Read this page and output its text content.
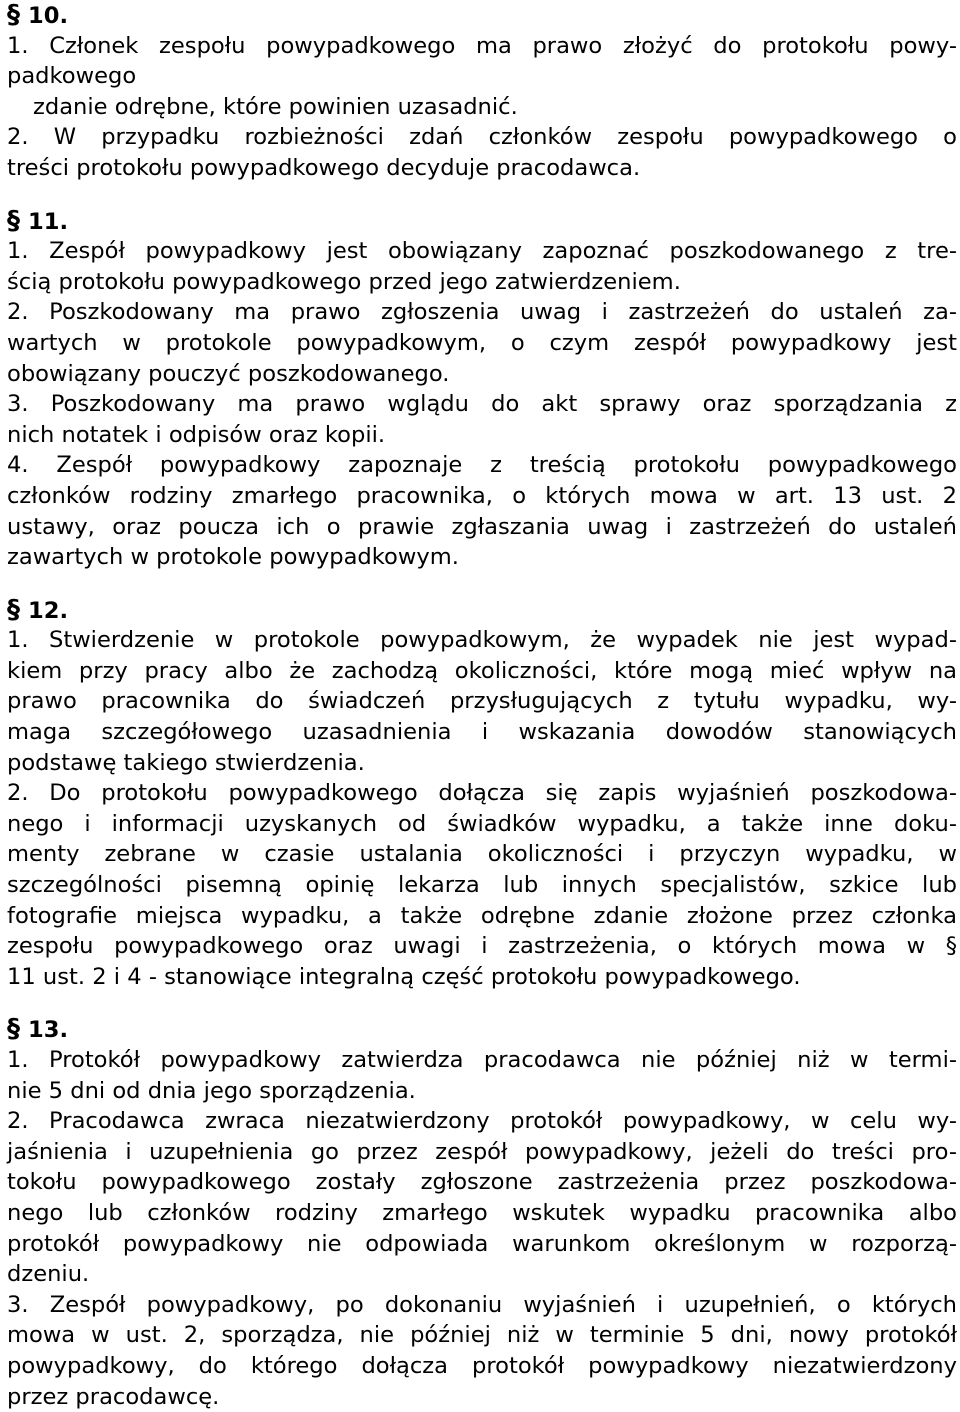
§ 10.
1. Członek zespołu powypadkowego ma prawo złożyć do protokołu powy-
padkowego
zdanie odrębne, które powinien uzasadnić.
2. W przypadku rozbieżności zdań członków zespołu powypadkowego o
treści protokołu powypadkowego decyduje pracodawca.
§ 11.
1. Zespół powypadkowy jest obowiązany zapoznać poszkodowanego z tre-
ścią protokołu powypadkowego przed jego zatwierdzeniem.
2. Poszkodowany ma prawo zgłoszenia uwag i zastrzeżeń do ustaleń za-
wartych w protokole powypadkowym, o czym zespół powypadkowy jest
obowiązany pouczyć poszkodowanego.
3. Poszkodowany ma prawo wglądu do akt sprawy oraz sporządzania z
nich notatek i odpisów oraz kopii.
4. Zespół powypadkowy zapoznaje z treścią protokołu powypadkowego
członków rodziny zmarłego pracownika, o których mowa w art. 13 ust. 2
ustawy, oraz poucza ich o prawie zgłaszania uwag i zastrzeżeń do ustaleń
zawartych w protokole powypadkowym.
§ 12.
1. Stwierdzenie w protokole powypadkowym, że wypadek nie jest wypad-
kiem przy pracy albo że zachodzą okoliczności, które mogą mieć wpływ na
prawo pracownika do świadczeń przysługujących z tytułu wypadku, wy-
maga szczegółowego uzasadnienia i wskazania dowodów stanowiących
podstawę takiego stwierdzenia.
2. Do protokołu powypadkowego dołącza się zapis wyjaśnień poszkodowa-
nego i informacji uzyskanych od świadków wypadku, a także inne doku-
menty zebrane w czasie ustalania okoliczności i przyczyn wypadku, w
szczególności pisemną opinię lekarza lub innych specjalistów, szkice lub
fotografie miejsca wypadku, a także odrębne zdanie złożone przez członka
zespołu powypadkowego oraz uwagi i zastrzeżenia, o których mowa w §
11 ust. 2 i 4 - stanowiące integralną część protokołu powypadkowego.
§ 13.
1. Protokół powypadkowy zatwierdza pracodawca nie później niż w termi-
nie 5 dni od dnia jego sporządzenia.
2. Pracodawca zwraca niezatwierdzony protokół powypadkowy, w celu wy-
jaśnienia i uzupełnienia go przez zespół powypadkowy, jeżeli do treści pro-
tokołu powypadkowego zostały zgłoszone zastrzeżenia przez poszkodowa-
nego lub członków rodziny zmarłego wskutek wypadku pracownika albo
protokół powypadkowy nie odpowiada warunkom określonym w rozporzą-
dzeniu.
3. Zespół powypadkowy, po dokonaniu wyjaśnień i uzupełnień, o których
mowa w ust. 2, sporządza, nie później niż w terminie 5 dni, nowy protokół
powypadkowy, do którego dołącza protokół powypadkowy niezatwierdzony
przez pracodawcę.
